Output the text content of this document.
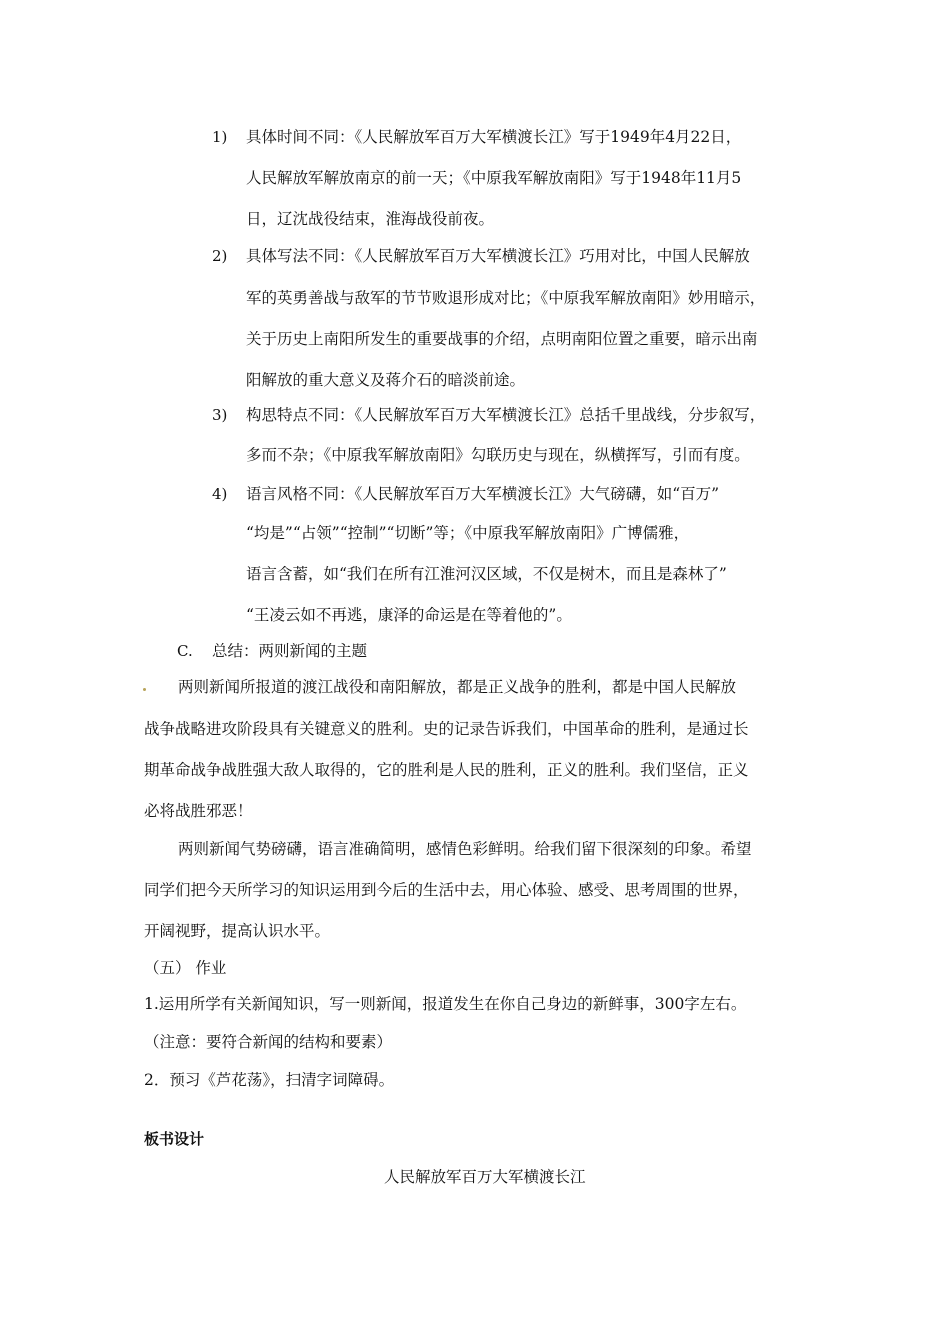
1) 具体时间不同：《人民解放军百万大军横渡长江》写于1949年4月22日，
人民解放军解放南京的前一天；《中原我军解放南阳》写于1948年11月5
日，辽沈战役结束，淮海战役前夜。
2) 具体写法不同：《人民解放军百万大军横渡长江》巧用对比，中国人民解放
军的英勇善战与敌军的节节败退形成对比；《中原我军解放南阳》妙用暗示，
关于历史上南阳所发生的重要战事的介绍，点明南阳位置之重要，暗示出南
阳解放的重大意义及蒋介石的暗淡前途。
3) 构思特点不同：《人民解放军百万大军横渡长江》总括千里战线，分步叙写，
多而不杂；《中原我军解放南阳》勾联历史与现在，纵横挥写，引而有度。
4) 语言风格不同：《人民解放军百万大军横渡长江》大气磅礴，如“百万”
“均是”“占领”“控制”“切断”等；《中原我军解放南阳》广博儒雅，
语言含蓄，如“我们在所有江淮河汉区域，不仅是树木，而且是森林了”
“王凌云如不再逃，康泽的命运是在等着他的”。
C. 总结：两则新闻的主题
两则新闻所报道的渡江战役和南阳解放，都是正义战争的胜利，都是中国人民解放
战争战略进攻阶段具有关键意义的胜利。史的记录告诉我们，中国革命的胜利，是通过长
期革命战争战胜强大敌人取得的，它的胜利是人民的胜利，正义的胜利。我们坚信，正义
必将战胜邪恶！
两则新闻气势磅礴，语言准确简明，感情色彩鲜明。给我们留下很深刻的印象。希望
同学们把今天所学习的知识运用到今后的生活中去，用心体验、感受、思考周围的世界，
开阔视野，提高认识水平。
（五） 作业
1.运用所学有关新闻知识，写一则新闻，报道发生在你自己身边的新鲜事，300字左右。
（注意：要符合新闻的结构和要素）
2．预习《芦花荡》，扫清字词障碍。
板书设计
人民解放军百万大军横渡长江
